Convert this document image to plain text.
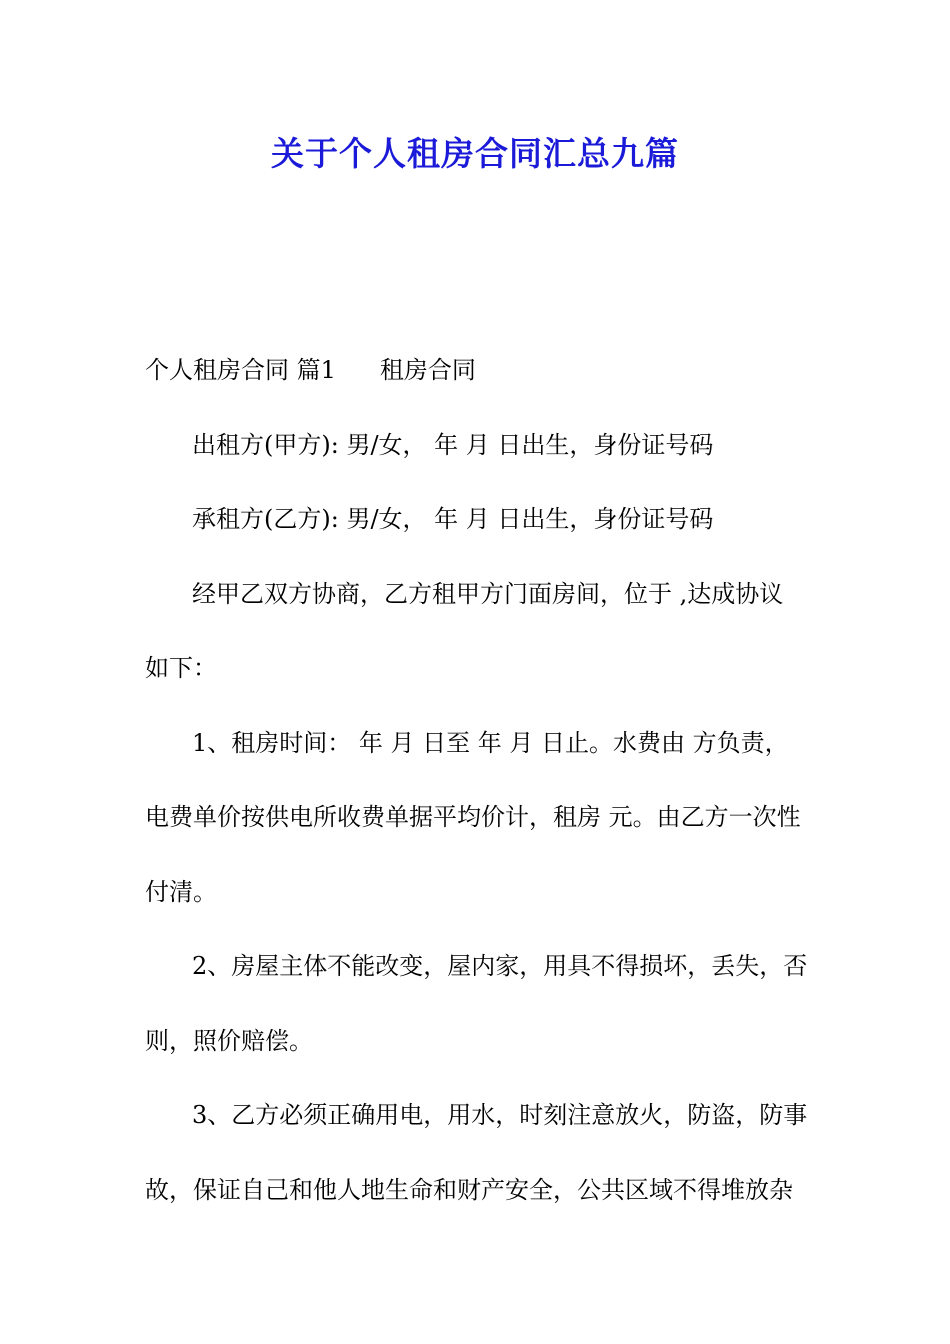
关于个人租房合同汇总九篇
个人租房合同 篇1 租房合同
出租方(甲方): 男/女， 年 月 日出生，身份证号码
承租方(乙方): 男/女， 年 月 日出生，身份证号码
经甲乙双方协商，乙方租甲方门面房间，位于 ,达成协议
如下：
1、租房时间： 年 月 日至 年 月 日止。水费由 方负责，
电费单价按供电所收费单据平均价计，租房 元。由乙方一次性
付清。
2、房屋主体不能改变，屋内家，用具不得损坏，丢失，否
则，照价赔偿。
3、乙方必须正确用电，用水，时刻注意放火，防盗，防事
故，保证自己和他人地生命和财产安全，公共区域不得堆放杂
